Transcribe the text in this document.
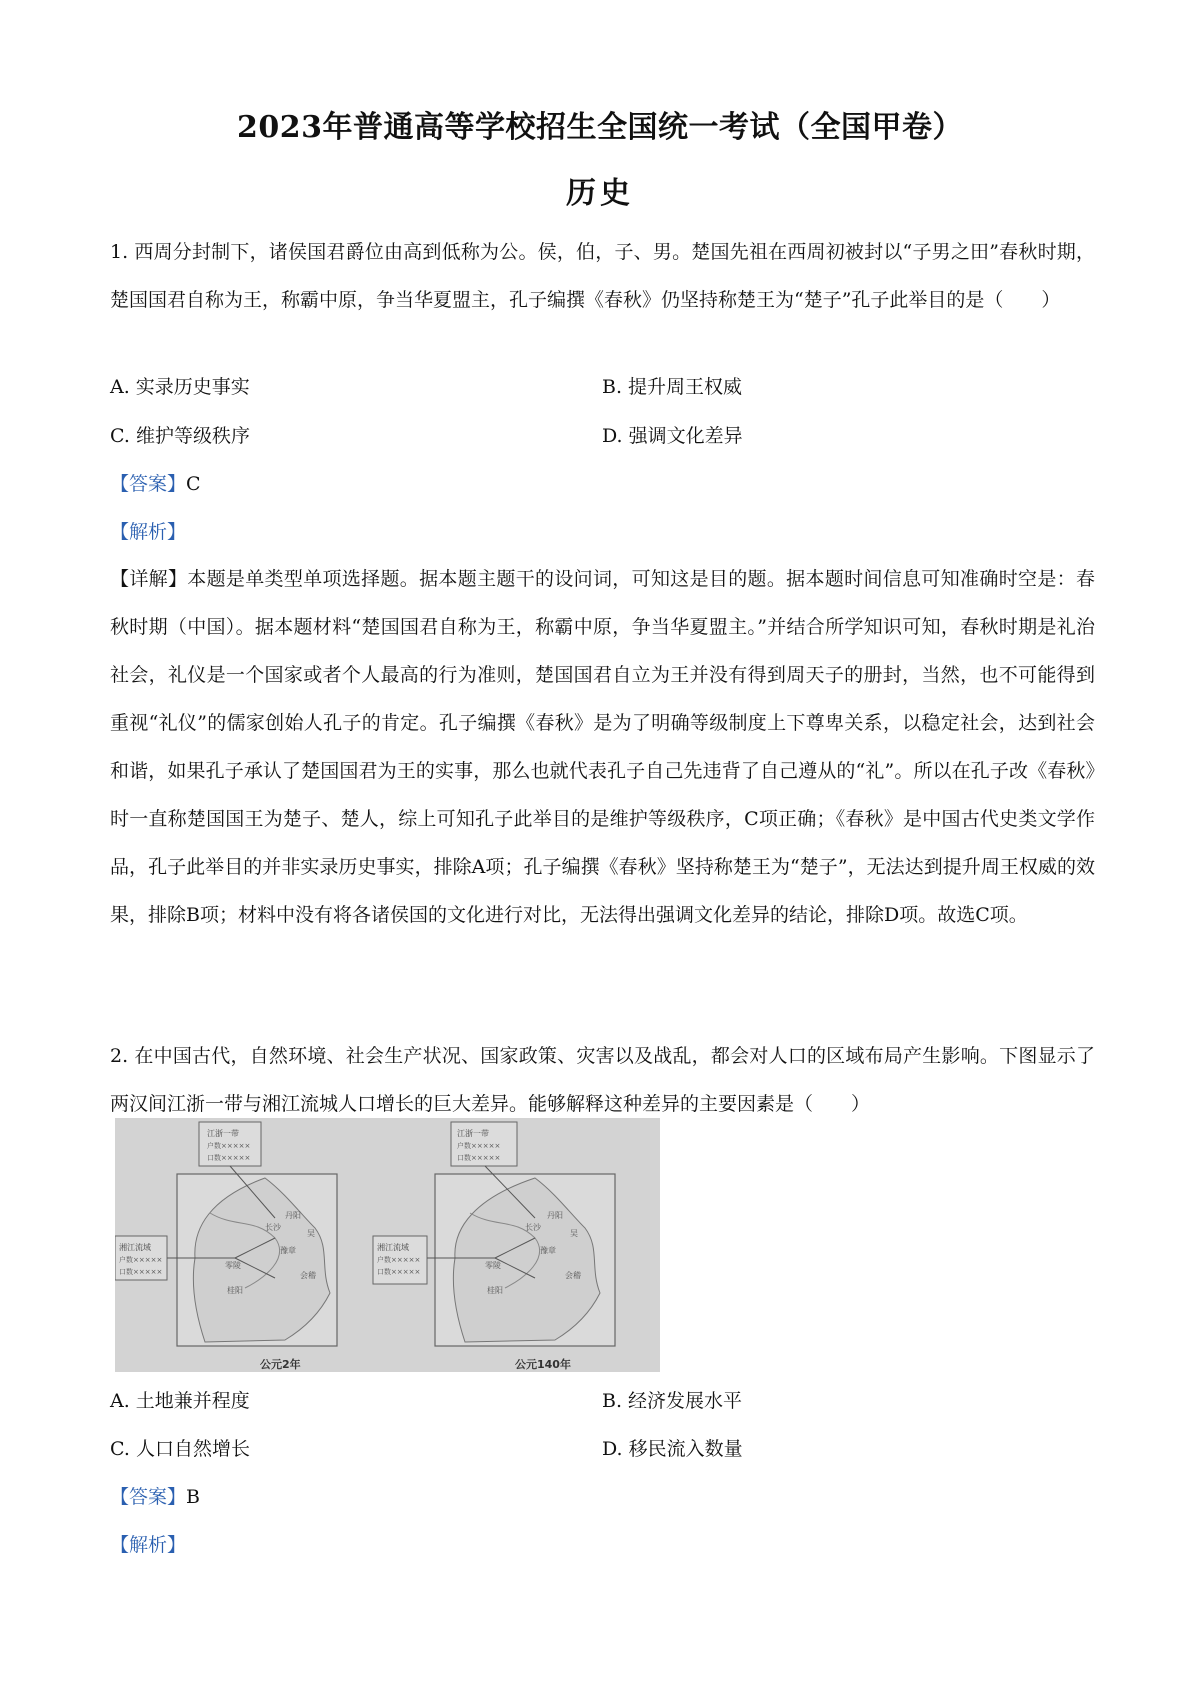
2023年普通高等学校招生全国统一考试（全国甲卷）
历史
1. 西周分封制下，诸侯国君爵位由高到低称为公。侯，伯，子、男。楚国先祖在西周初被封以“子男之田”春秋时期，楚国国君自称为王，称霸中原，争当华夏盟主，孔子编撰《春秋》仍坚持称楚王为“楚子”孔子此举目的是（　　）
A. 实录历史事实	B. 提升周王权威
C. 维护等级秩序	D. 强调文化差异
【答案】C
【解析】
【详解】本题是单类型单项选择题。据本题主题干的设问词，可知这是目的题。据本题时间信息可知准确时空是：春秋时期（中国）。据本题材料“楚国国君自称为王，称霸中原，争当华夏盟主。”并结合所学知识可知，春秋时期是礼治社会，礼仪是一个国家或者个人最高的行为准则，楚国国君自立为王并没有得到周天子的册封，当然，也不可能得到重视“礼仪”的儒家创始人孔子的肯定。孔子编撰《春秋》是为了明确等级制度上下尊卑关系，以稳定社会，达到社会和谐，如果孔子承认了楚国国君为王的实事，那么也就代表孔子自己先违背了自己遵从的“礼”。所以在孔子改《春秋》时一直称楚国国王为楚子、楚人，综上可知孔子此举目的是维护等级秩序，C项正确；《春秋》是中国古代史类文学作品，孔子此举目的并非实录历史事实，排除A项；孔子编撰《春秋》坚持称楚王为“楚子”，无法达到提升周王权威的效果，排除B项；材料中没有将各诸侯国的文化进行对比，无法得出强调文化差异的结论，排除D项。故选C项。
2. 在中国古代，自然环境、社会生产状况、国家政策、灾害以及战乱，都会对人口的区域布局产生影响。下图显示了两汉间江浙一带与湘江流城人口增长的巨大差异。能够解释这种差异的主要因素是（　　）
江浙一带
户数×××××
口数×××××
湘江流域
户数×××××
口数×××××
公元2年
江浙一带
户数×××××
口数×××××
湘江流域
户数×××××
口数×××××
公元140年
长沙
零陵
桂阳
豫章
会稽
丹阳
吴
长沙
零陵
桂阳
豫章
会稽
丹阳
吴
A. 土地兼并程度	B. 经济发展水平
C. 人口自然增长	D. 移民流入数量
【答案】B
【解析】
